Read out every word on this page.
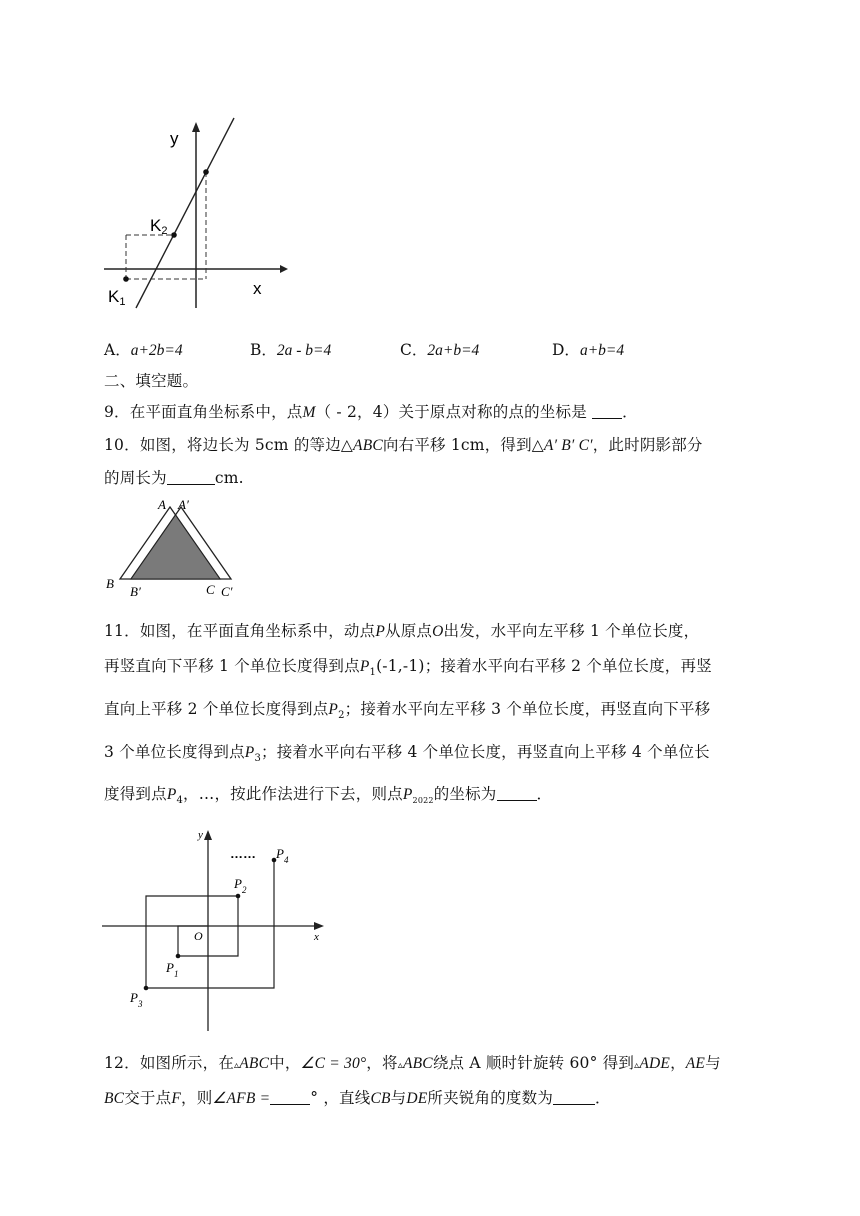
y
x
K2
K1
A．a+2b=4	B．2a - b=4	C．2a+b=4	D．a+b=4
二、填空题。
9．在平面直角坐标系中，点M（ - 2，4）关于原点对称的点的坐标是 ．
10．如图，将边长为 5cm 的等边△ABC向右平移 1cm，得到△A′ B′ C′，此时阴影部分
的周长为	cm.
A A′
B
B′	C C′
11．如图，在平面直角坐标系中，动点P从原点O出发，水平向左平移 1 个单位长度，
再竖直向下平移 1 个单位长度得到点$P_1(-1,-1)$；接着水平向右平移 2 个单位长度，再竖
直向上平移 2 个单位长度得到点$P_2$；接着水平向左平移 3 个单位长度，再竖直向下平移
3 个单位长度得到点$P_3$；接着水平向右平移 4 个单位长度，再竖直向上平移 4 个单位长
度得到点$P_4$，…，按此作法进行下去，则点$P_{2022}$的坐标为	．
y
x
O
……
$P_1$
$P_2$
$P_3$
$P_4$
12．如图所示，在▵ABC中，∠C = 30°，将▵ABC绕点 A 顺时针旋转 60° 得到▵ADE，AE与
BC交于点F，则∠AFB =	° ，直线CB与DE所夹锐角的度数为	．
